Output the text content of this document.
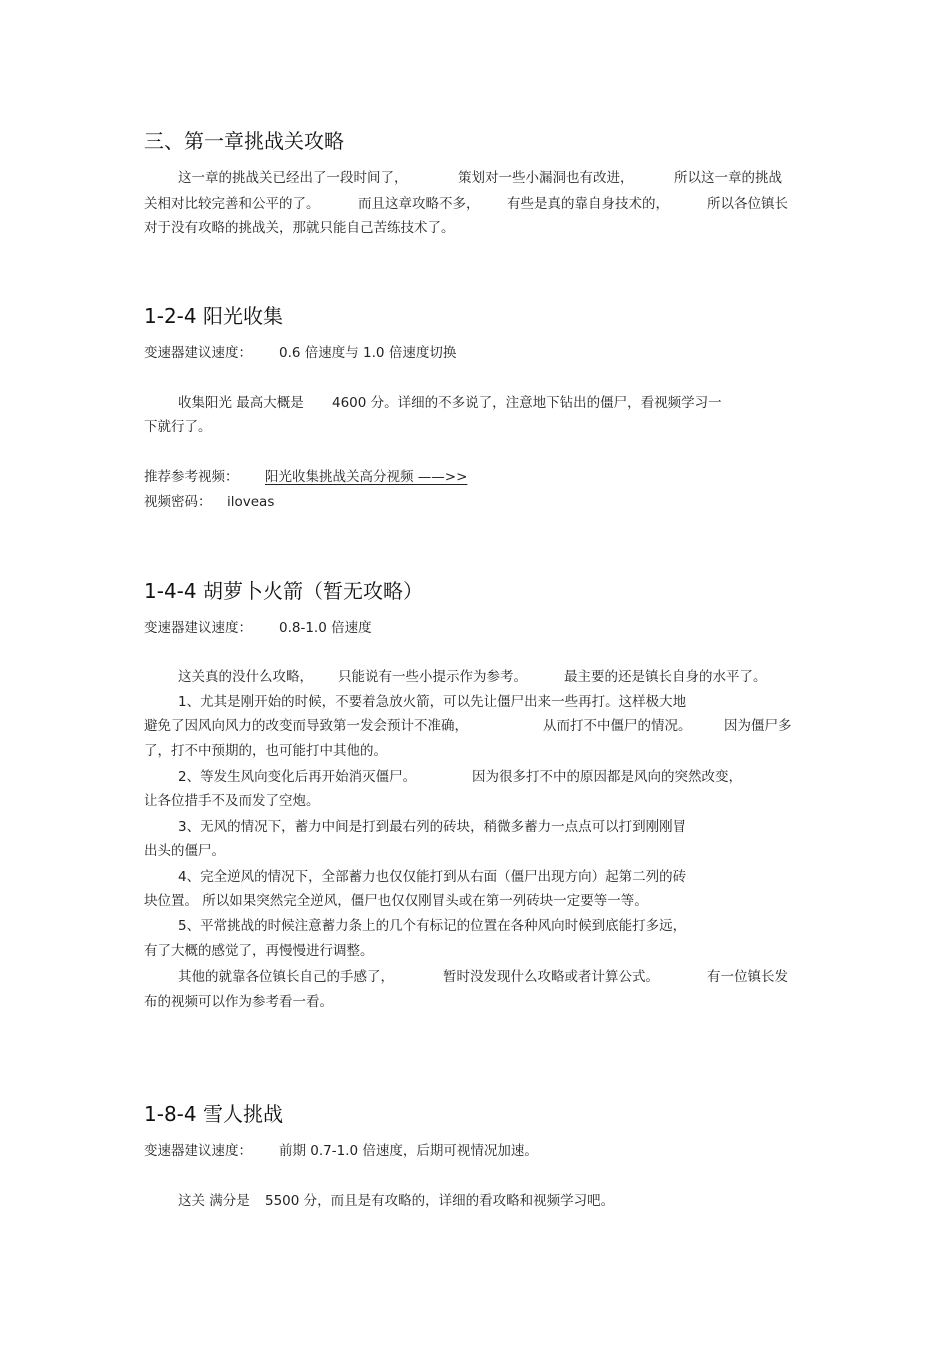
三、第一章挑战关攻略
这一章的挑战关已经出了一段时间了，	策划对一些小漏洞也有改进，	所以这一章的挑战
关相对比较完善和公平的了。	而且这章攻略不多， 有些是真的靠自身技术的，	所以各位镇长
对于没有攻略的挑战关，那就只能自己苦练技术了。
1-2-4 阳光收集
变速器建议速度： 0.6 倍速度与 1.0 倍速度切换
收集阳光 最高大概是 4600 分。详细的不多说了，注意地下钻出的僵尸，看视频学习一
下就行了。
推荐参考视频： 阳光收集挑战关高分视频 ——>>
视频密码： iloveas
1-4-4 胡萝卜火箭（暂无攻略）
变速器建议速度： 0.8-1.0 倍速度
这关真的没什么攻略， 只能说有一些小提示作为参考。	最主要的还是镇长自身的水平了。
1、尤其是刚开始的时候，不要着急放火箭，可以先让僵尸出来一些再打。这样极大地
避免了因风向风力的改变而导致第一发会预计不准确，	从而打不中僵尸的情况。 因为僵尸多
了，打不中预期的，也可能打中其他的。
2、等发生风向变化后再开始消灭僵尸。	因为很多打不中的原因都是风向的突然改变，
让各位措手不及而发了空炮。
3、无风的情况下，蓄力中间是打到最右列的砖块，稍微多蓄力一点点可以打到刚刚冒
出头的僵尸。
4、完全逆风的情况下，全部蓄力也仅仅能打到从右面（僵尸出现方向）起第二列的砖
块位置。 所以如果突然完全逆风，僵尸也仅仅刚冒头或在第一列砖块一定要等一等。
5、平常挑战的时候注意蓄力条上的几个有标记的位置在各种风向时候到底能打多远，
有了大概的感觉了，再慢慢进行调整。
其他的就靠各位镇长自己的手感了，	暂时没发现什么攻略或者计算公式。	有一位镇长发
布的视频可以作为参考看一看。
1-8-4 雪人挑战
变速器建议速度： 前期 0.7-1.0 倍速度，后期可视情况加速。
这关 满分是 5500 分，而且是有攻略的，详细的看攻略和视频学习吧。
